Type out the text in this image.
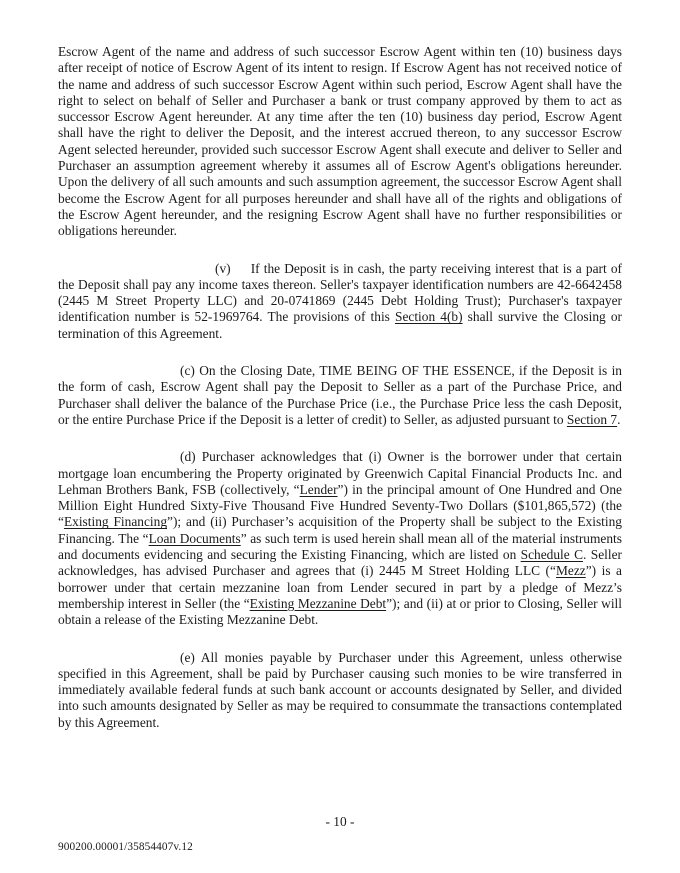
Escrow Agent of the name and address of such successor Escrow Agent within ten (10) business days after receipt of notice of Escrow Agent of its intent to resign. If Escrow Agent has not received notice of the name and address of such successor Escrow Agent within such period, Escrow Agent shall have the right to select on behalf of Seller and Purchaser a bank or trust company approved by them to act as successor Escrow Agent hereunder. At any time after the ten (10) business day period, Escrow Agent shall have the right to deliver the Deposit, and the interest accrued thereon, to any successor Escrow Agent selected hereunder, provided such successor Escrow Agent shall execute and deliver to Seller and Purchaser an assumption agreement whereby it assumes all of Escrow Agent's obligations hereunder. Upon the delivery of all such amounts and such assumption agreement, the successor Escrow Agent shall become the Escrow Agent for all purposes hereunder and shall have all of the rights and obligations of the Escrow Agent hereunder, and the resigning Escrow Agent shall have no further responsibilities or obligations hereunder.

(v)  If the Deposit is in cash, the party receiving interest that is a part of the Deposit shall pay any income taxes thereon. Seller's taxpayer identification numbers are 42-6642458 (2445 M Street Property LLC) and 20-0741869 (2445 Debt Holding Trust); Purchaser's taxpayer identification number is 52-1969764. The provisions of this Section 4(b) shall survive the Closing or termination of this Agreement.

(c) On the Closing Date, TIME BEING OF THE ESSENCE, if the Deposit is in the form of cash, Escrow Agent shall pay the Deposit to Seller as a part of the Purchase Price, and Purchaser shall deliver the balance of the Purchase Price (i.e., the Purchase Price less the cash Deposit, or the entire Purchase Price if the Deposit is a letter of credit) to Seller, as adjusted pursuant to Section 7.

(d) Purchaser acknowledges that (i) Owner is the borrower under that certain mortgage loan encumbering the Property originated by Greenwich Capital Financial Products Inc. and Lehman Brothers Bank, FSB (collectively, “Lender”) in the principal amount of One Hundred and One Million Eight Hundred Sixty-Five Thousand Five Hundred Seventy-Two Dollars ($101,865,572) (the “Existing Financing”); and (ii) Purchaser’s acquisition of the Property shall be subject to the Existing Financing. The “Loan Documents” as such term is used herein shall mean all of the material instruments and documents evidencing and securing the Existing Financing, which are listed on Schedule C. Seller acknowledges, has advised Purchaser and agrees that (i) 2445 M Street Holding LLC (“Mezz”) is a borrower under that certain mezzanine loan from Lender secured in part by a pledge of Mezz’s membership interest in Seller (the “Existing Mezzanine Debt”); and (ii) at or prior to Closing, Seller will obtain a release of the Existing Mezzanine Debt.

(e) All monies payable by Purchaser under this Agreement, unless otherwise specified in this Agreement, shall be paid by Purchaser causing such monies to be wire transferred in immediately available federal funds at such bank account or accounts designated by Seller, and divided into such amounts designated by Seller as may be required to consummate the transactions contemplated by this Agreement.

- 10 -
900200.00001/35854407v.12
